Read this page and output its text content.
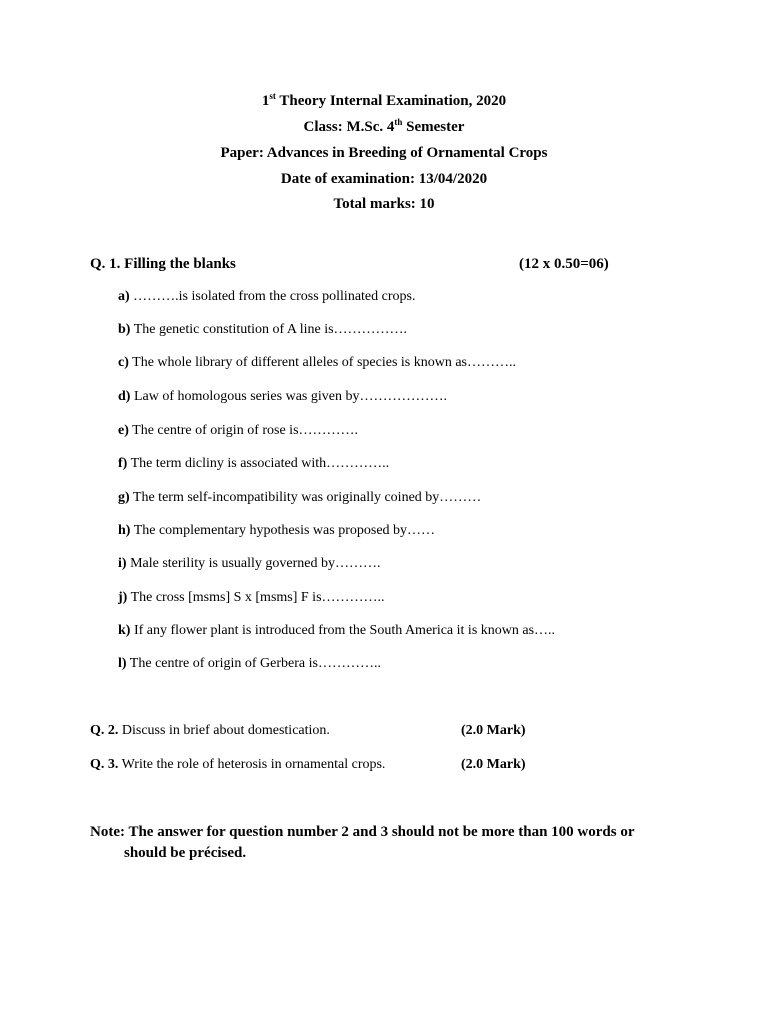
1st Theory Internal Examination, 2020
Class: M.Sc. 4th Semester
Paper: Advances in Breeding of Ornamental Crops
Date of examination: 13/04/2020
Total marks: 10
Q. 1. Filling the blanks	(12 x 0.50=06)
a) ……….is isolated from the cross pollinated crops.
b) The genetic constitution of A line is…………….
c) The whole library of different alleles of species is known as………..
d) Law of homologous series was given by……………….
e) The centre of origin of rose is………….
f) The term dicliny is associated with…………..
g) The term self-incompatibility was originally coined by………
h) The complementary hypothesis was proposed by……
i) Male sterility is usually governed by……….
j) The cross [msms] S x [msms] F is…………..
k) If any flower plant is introduced from the South America it is known as…..
l) The centre of origin of Gerbera is…………..
Q. 2. Discuss in brief about domestication.	(2.0 Mark)
Q. 3. Write the role of heterosis in ornamental crops.	(2.0 Mark)
Note: The answer for question number 2 and 3 should not be more than 100 words or
should be précised.
